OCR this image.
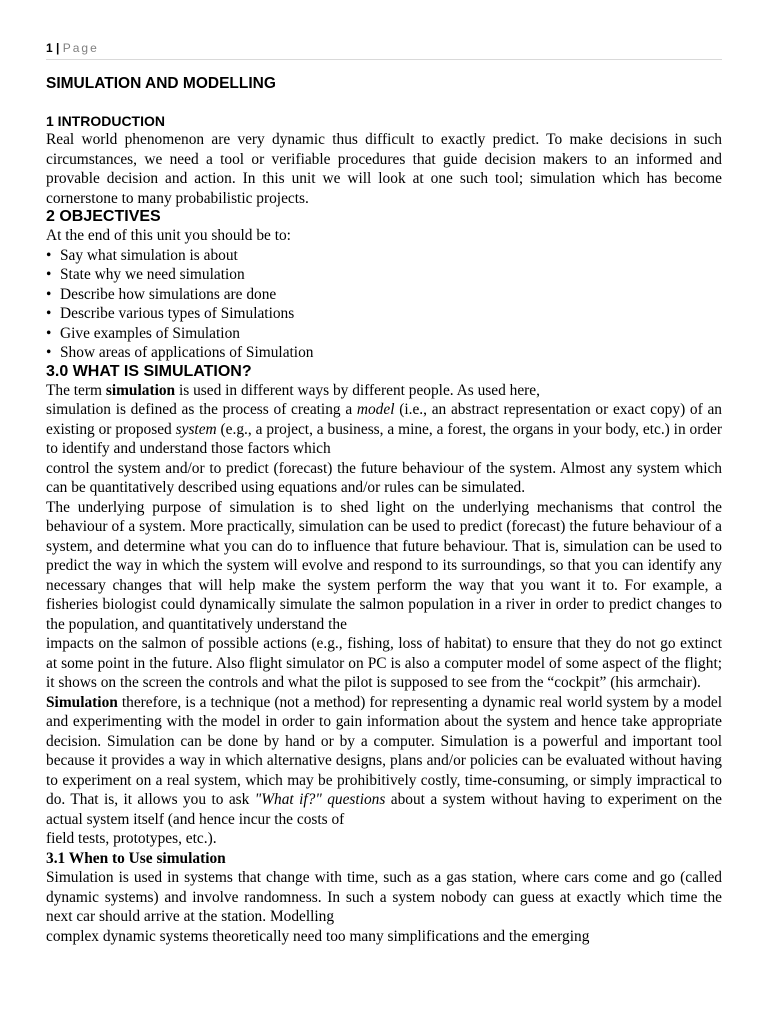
1 | Page
SIMULATION AND MODELLING
1 INTRODUCTION

Real world phenomenon are very dynamic thus difficult to exactly predict. To make decisions in such circumstances, we need a tool or verifiable procedures that guide decision makers to an informed and provable decision and action. In this unit we will look at one such tool; simulation which has become cornerstone to many probabilistic projects.

2 OBJECTIVES

At the end of this unit you should be to:

• Say what simulation is about
• State why we need simulation
• Describe how simulations are done
• Describe various types of Simulations
• Give examples of Simulation
• Show areas of applications of Simulation
3.0 WHAT IS SIMULATION?

The term simulation is used in different ways by different people. As used here,

simulation is defined as the process of creating a model (i.e., an abstract representation or exact copy) of an existing or proposed system (e.g., a project, a business, a mine, a forest, the organs in your body, etc.) in order to identify and understand those factors which

control the system and/or to predict (forecast) the future behaviour of the system. Almost any system which can be quantitatively described using equations and/or rules can be simulated.

The underlying purpose of simulation is to shed light on the underlying mechanisms that control the behaviour of a system. More practically, simulation can be used to predict (forecast) the future behaviour of a system, and determine what you can do to influence that future behaviour. That is, simulation can be used to predict the way in which the system will evolve and respond to its surroundings, so that you can identify any necessary changes that will help make the system perform the way that you want it to. For example, a fisheries biologist could dynamically simulate the salmon population in a river in order to predict changes to the population, and quantitatively understand the

impacts on the salmon of possible actions (e.g., fishing, loss of habitat) to ensure that they do not go extinct at some point in the future. Also flight simulator on PC is also a computer model of some aspect of the flight; it shows on the screen the controls and what the pilot is supposed to see from the “cockpit” (his armchair).

Simulation therefore, is a technique (not a method) for representing a dynamic real world system by a model and experimenting with the model in order to gain information about the system and hence take appropriate decision. Simulation can be done by hand or by a computer. Simulation is a powerful and important tool because it provides a way in which alternative designs, plans and/or policies can be evaluated without having to experiment on a real system, which may be prohibitively costly, time-consuming, or simply impractical to do. That is, it allows you to ask "What if?" questions about a system without having to experiment on the actual system itself (and hence incur the costs of

field tests, prototypes, etc.).

3.1 When to Use simulation

Simulation is used in systems that change with time, such as a gas station, where cars come and go (called dynamic systems) and involve randomness. In such a system nobody can guess at exactly which time the next car should arrive at the station. Modelling

complex dynamic systems theoretically need too many simplifications and the emerging
